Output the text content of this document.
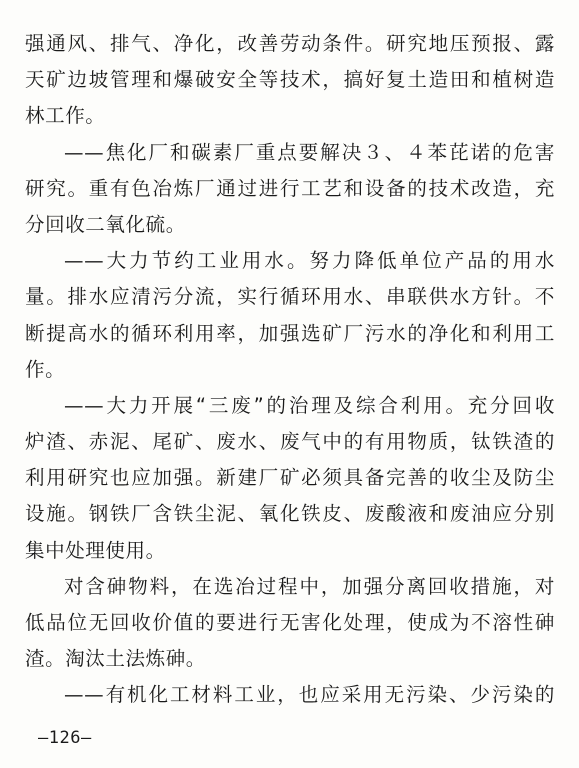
强通风、排气、净化，改善劳动条件。研究地压预报、露
天矿边坡管理和爆破安全等技术，搞好复土造田和植树造
林工作。
——焦化厂和碳素厂重点要解决３、４苯芘诺的危害
研究。重有色冶炼厂通过进行工艺和设备的技术改造，充
分回收二氧化硫。
——大力节约工业用水。努力降低单位产品的用水
量。排水应清污分流，实行循环用水、串联供水方针。不
断提高水的循环利用率，加强选矿厂污水的净化和利用工
作。
——大力开展“三废”的治理及综合利用。充分回收
炉渣、赤泥、尾矿、废水、废气中的有用物质，钛铁渣的
利用研究也应加强。新建厂矿必须具备完善的收尘及防尘
设施。钢铁厂含铁尘泥、氧化铁皮、废酸液和废油应分别
集中处理使用。
对含砷物料，在选冶过程中，加强分离回收措施，对
低品位无回收价值的要进行无害化处理，使成为不溶性砷
渣。淘汰土法炼砷。
——有机化工材料工业，也应采用无污染、少污染的
—126—
